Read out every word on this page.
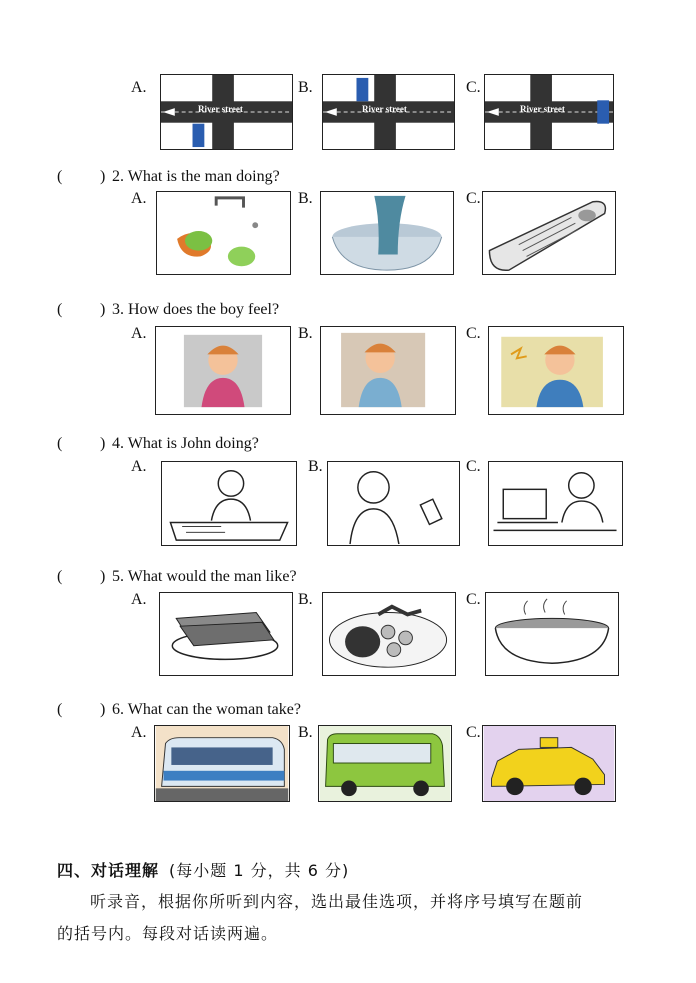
A.
River street
B.
River street
C.
River street
( ) 2. What is the man doing?
A.	B.	C.
( ) 3. How does the boy feel?
A.	B.	C.
( ) 4. What is John doing?
A.	B.	C.
( ) 5. What would the man like?
A.	B.	C.
( ) 6. What can the woman take?
A.	B.	C.
四、对话理解 (每小题 1 分，共 6 分)
听录音，根据你所听到内容，选出最佳选项，并将序号填写在题前
的括号内。每段对话读两遍。
